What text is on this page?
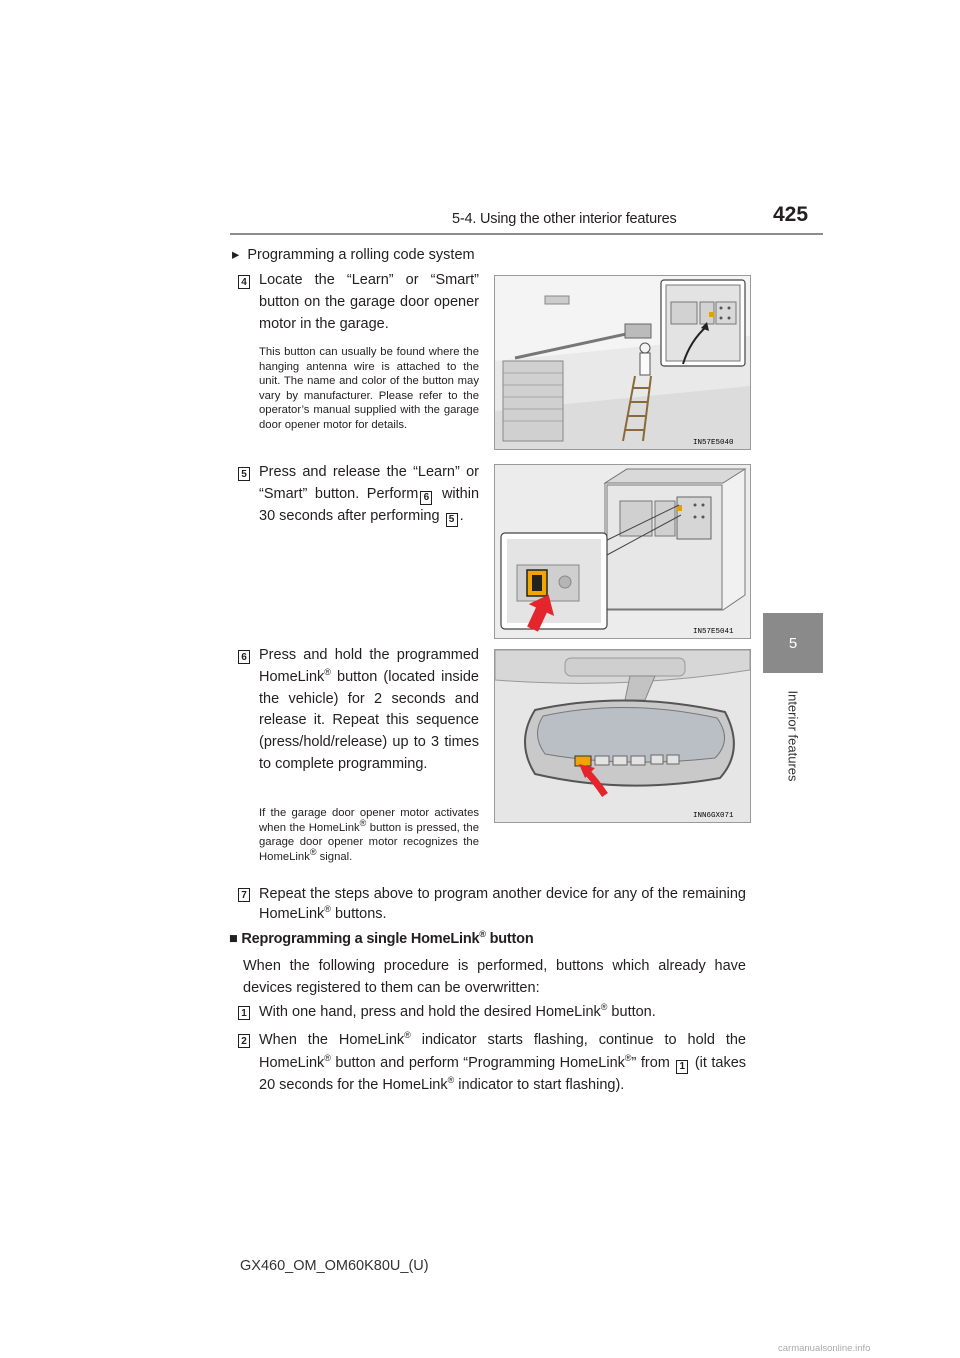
5-4. Using the other interior features	425
5
Interior features
▸ Programming a rolling code system
4 Locate the “Learn” or “Smart” button on the garage door opener motor in the garage.
This button can usually be found where the hanging antenna wire is attached to the unit. The name and color of the button may vary by manufacturer. Please refer to the operator’s manual supplied with the garage door opener motor for details.
IN57E5040
5 Press and release the “Learn” or “Smart” button. Perform 6 within 30 seconds after performing 5 .
IN57E5041
6 Press and hold the programmed HomeLink® button (located inside the vehicle) for 2 seconds and release it. Repeat this sequence (press/hold/release) up to 3 times to complete programming.
If the garage door opener motor activates when the HomeLink® button is pressed, the garage door opener motor recognizes the HomeLink® signal.
INN6GX071
7 Repeat the steps above to program another device for any of the remaining HomeLink® buttons.
■ Reprogramming a single HomeLink® button
When the following procedure is performed, buttons which already have devices registered to them can be overwritten:
1 With one hand, press and hold the desired HomeLink® button.
2 When the HomeLink® indicator starts flashing, continue to hold the HomeLink® button and perform “Programming HomeLink®” from 1 (it takes 20 seconds for the HomeLink® indicator to start flashing).
GX460_OM_OM60K80U_(U)
carmanualsonline.info
